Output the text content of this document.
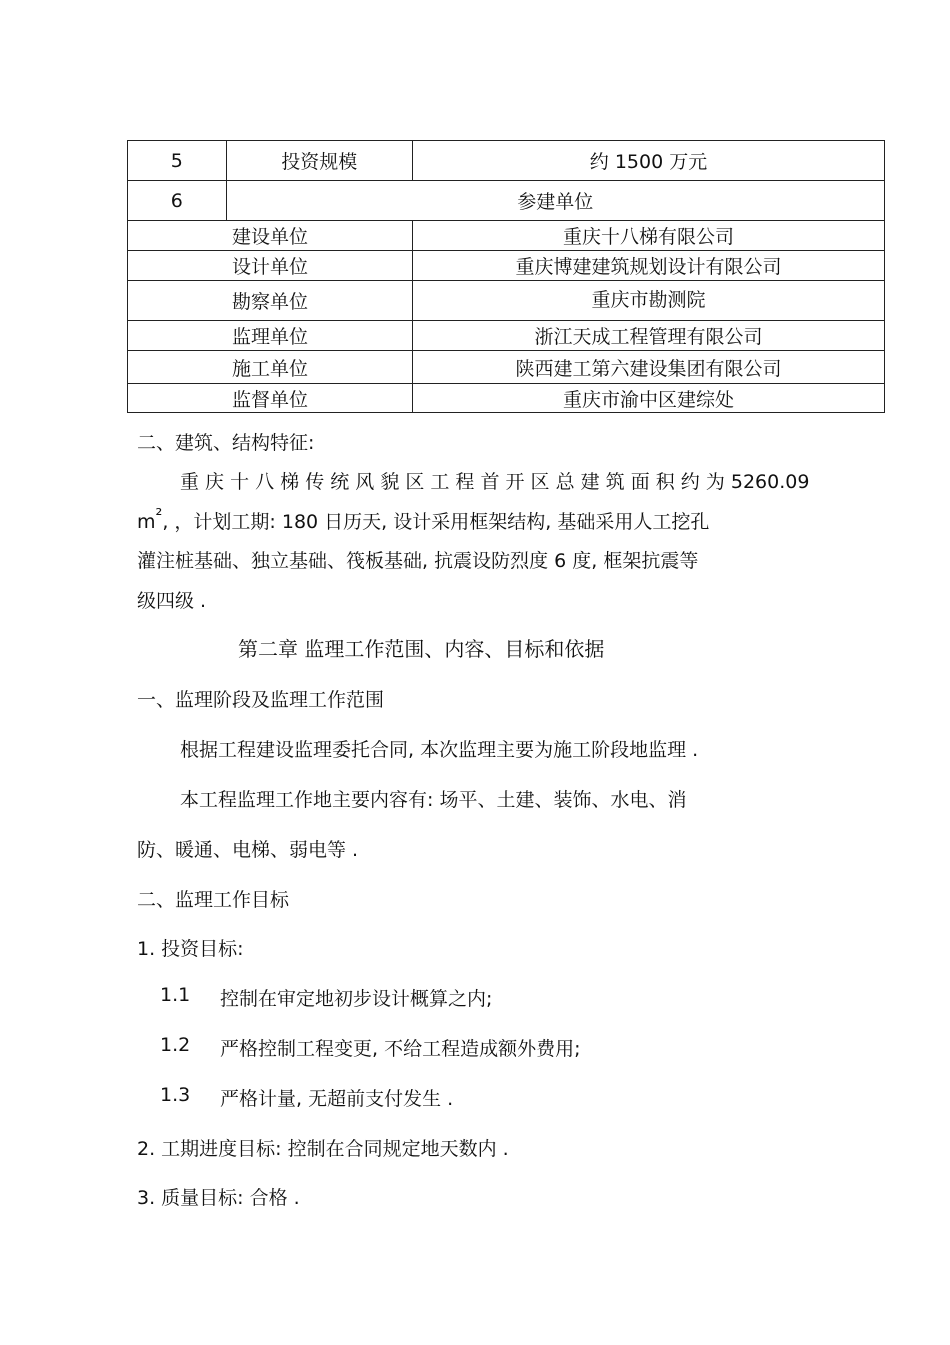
5	投资规模	约 1500 万元
6	参建单位	
建设单位		重庆十八梯有限公司
设计单位		重庆博建建筑规划设计有限公司
勘察单位		重庆市勘测院
监理单位		浙江天成工程管理有限公司
施工单位		陕西建工第六建设集团有限公司
监督单位		重庆市渝中区建综处
二、建筑、结构特征:
重 庆 十 八 梯 传 统 风 貌 区 工 程 首 开 区 总 建 筑 面 积 约 为 5260.09
m², ，计划工期: 180 日历天, 设计采用框架结构, 基础采用人工挖孔
灌注桩基础、独立基础、筏板基础, 抗震设防烈度 6 度, 框架抗震等
级四级 .
第二章 监理工作范围、内容、目标和依据
一、监理阶段及监理工作范围
根据工程建设监理委托合同, 本次监理主要为施工阶段地监理 .
本工程监理工作地主要内容有: 场平、土建、装饰、水电、消
防、暖通、电梯、弱电等 .
二、监理工作目标
1. 投资目标:
1.1 控制在审定地初步设计概算之内;
1.2 严格控制工程变更, 不给工程造成额外费用;
1.3 严格计量, 无超前支付发生 .
2. 工期进度目标: 控制在合同规定地天数内 .
3. 质量目标: 合格 .
